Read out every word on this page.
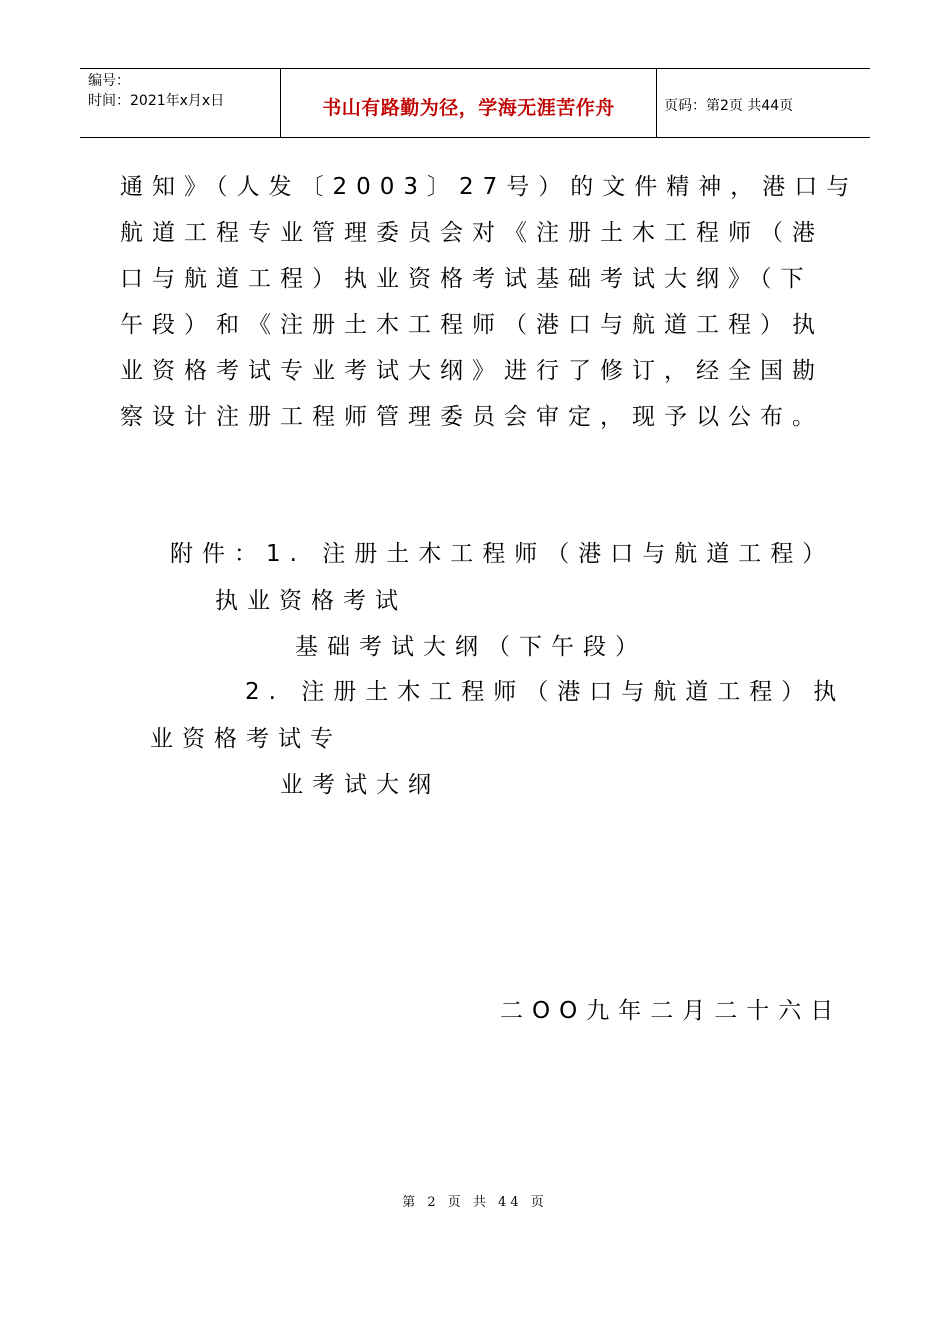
编号：
时间：2021年x月x日	书山有路勤为径，学海无涯苦作舟	页码：第2页 共44页
通知》（人发〔2003〕27号）的文件精神，港口与
航道工程专业管理委员会对《注册土木工程师（港
口与航道工程）执业资格考试基础考试大纲》（下
午段）和《注册土木工程师（港口与航道工程）执
业资格考试专业考试大纲》进行了修订，经全国勘
察设计注册工程师管理委员会审定，现予以公布。
附件：1. 注册土木工程师（港口与航道工程）
执业资格考试
基础考试大纲（下午段）
2. 注册土木工程师（港口与航道工程）执
业资格考试专
业考试大纲
二OO九年二月二十六日
第 2 页 共 44 页
